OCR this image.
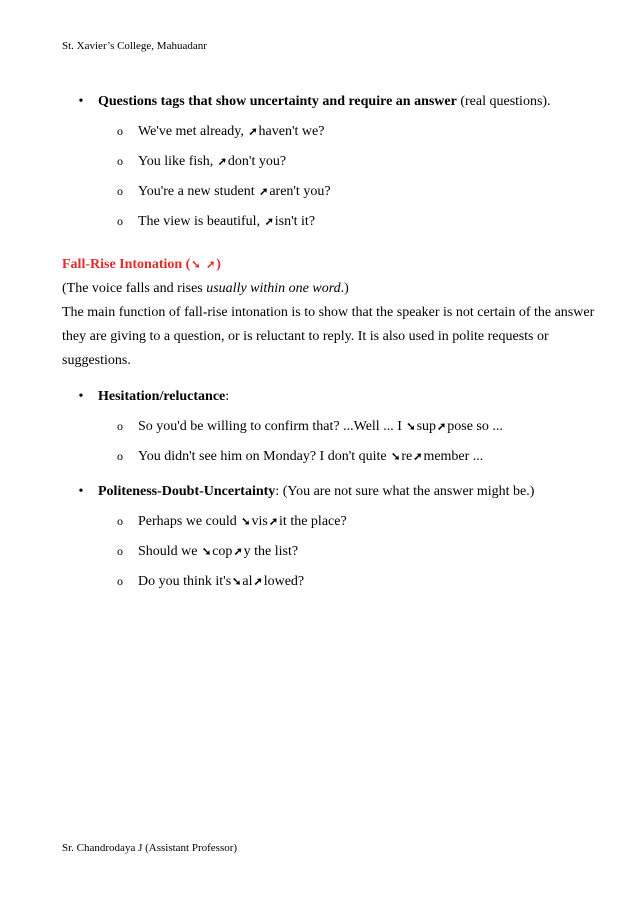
St. Xavier’s College, Mahuadanr
• Questions tags that show uncertainty and require an answer (real questions).
o We've met already, ➚haven't we?
o You like fish, ➚don't you?
o You're a new student ➚aren't you?
o The view is beautiful, ➚isn't it?
Fall-Rise Intonation (➘ ➚)
(The voice falls and rises usually within one word.)
The main function of fall-rise intonation is to show that the speaker is not certain of the answer
they are giving to a question, or is reluctant to reply. It is also used in polite requests or
suggestions.
• Hesitation/reluctance:
o So you'd be willing to confirm that? ...Well ... I ➘sup➚pose so ...
o You didn't see him on Monday? I don't quite ➘re➚member ...
• Politeness-Doubt-Uncertainty: (You are not sure what the answer might be.)
o Perhaps we could ➘vis➚it the place?
o Should we ➘cop➚y the list?
o Do you think it's➘al➚lowed?
Sr. Chandrodaya J (Assistant Professor)
